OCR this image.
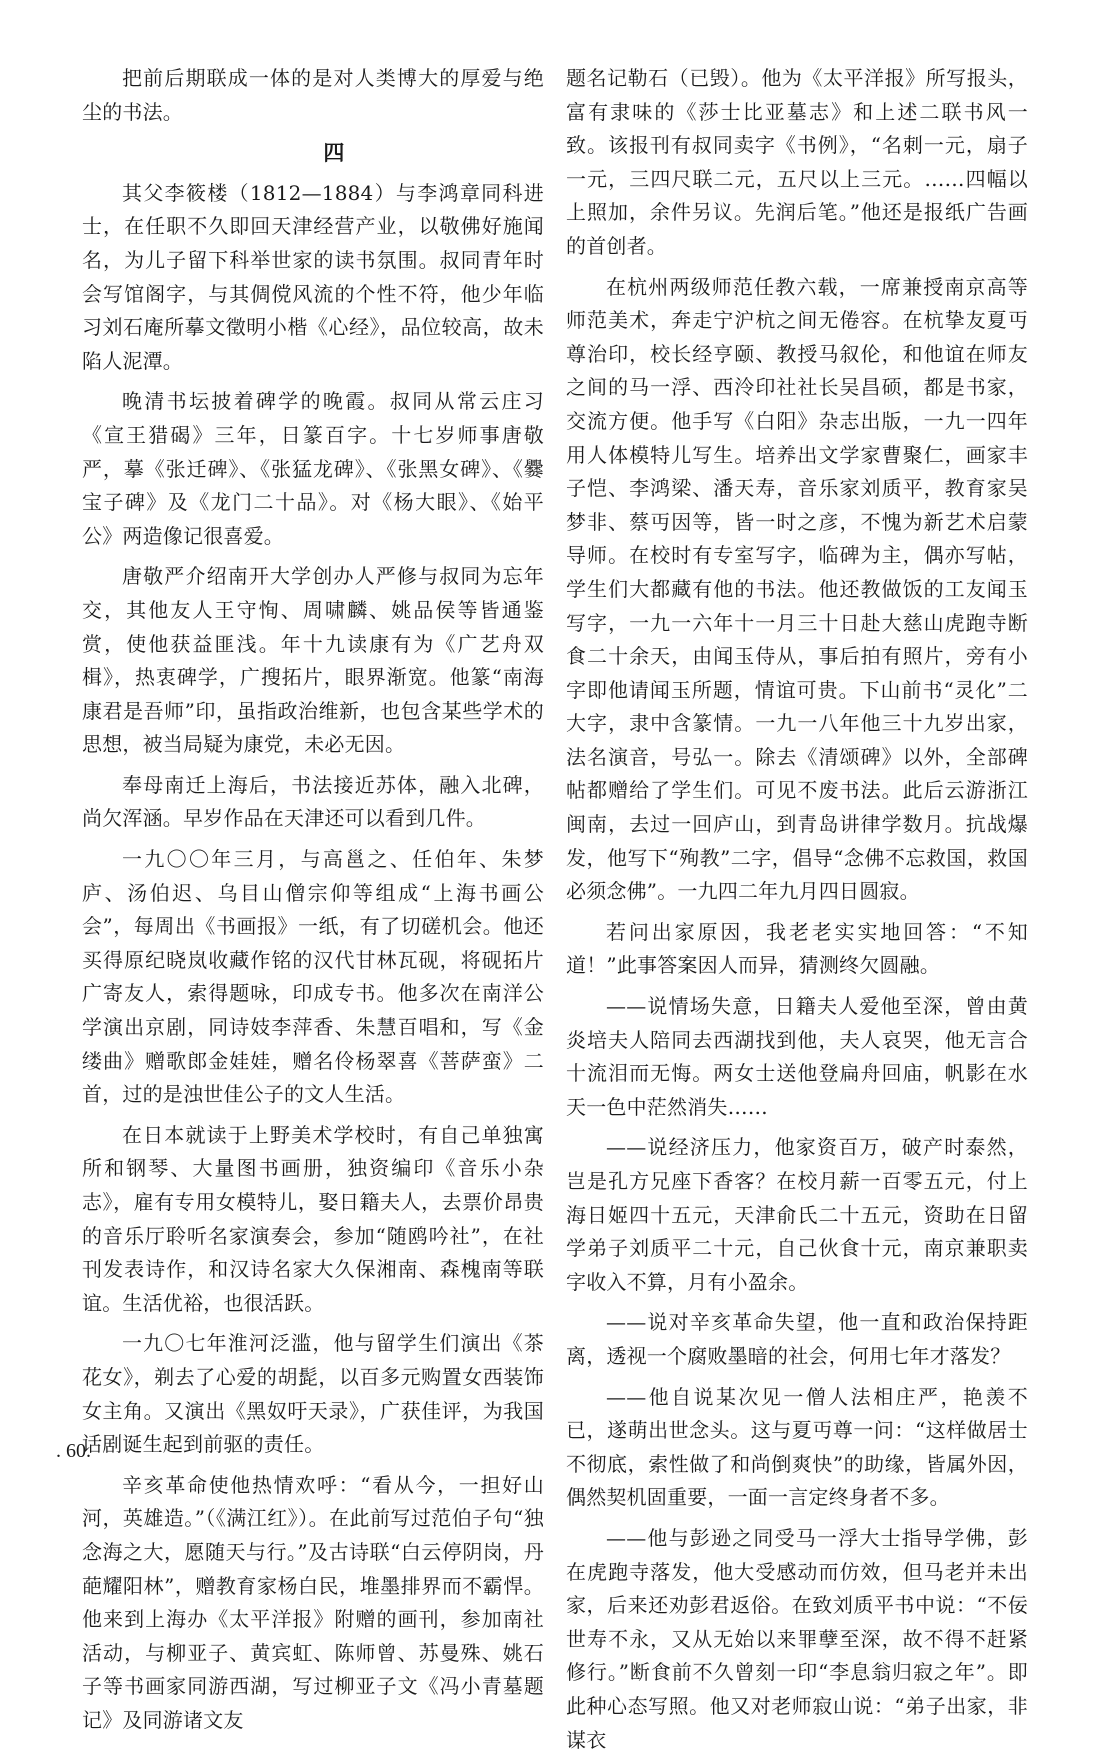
把前后期联成一体的是对人类博大的厚爱与绝尘的书法。

四

其父李筱楼（1812—1884）与李鸿章同科进士，在任职不久即回天津经营产业，以敬佛好施闻名，为儿子留下科举世家的读书氛围。叔同青年时会写馆阁字，与其倜傥风流的个性不符，他少年临习刘石庵所摹文徵明小楷《心经》，品位较高，故未陷人泥潭。

晚清书坛披着碑学的晚霞。叔同从常云庄习《宣王猎碣》三年，日篆百字。十七岁师事唐敬严，摹《张迁碑》、《张猛龙碑》、《张黑女碑》、《爨宝子碑》及《龙门二十品》。对《杨大眼》、《始平公》两造像记很喜爱。

唐敬严介绍南开大学创办人严修与叔同为忘年交，其他友人王守恂、周啸麟、姚品侯等皆通鉴赏，使他获益匪浅。年十九读康有为《广艺舟双楫》，热衷碑学，广搜拓片，眼界渐宽。他篆“南海康君是吾师”印，虽指政治维新，也包含某些学术的思想，被当局疑为康党，未必无因。

奉母南迁上海后，书法接近苏体，融入北碑，尚欠浑涵。早岁作品在天津还可以看到几件。

一九〇〇年三月，与高邕之、任伯年、朱梦庐、汤伯迟、乌目山僧宗仰等组成“上海书画公会”，每周出《书画报》一纸，有了切磋机会。他还买得原纪晓岚收藏作铭的汉代甘林瓦砚，将砚拓片广寄友人，索得题咏，印成专书。他多次在南洋公学演出京剧，同诗妓李萍香、朱慧百唱和，写《金缕曲》赠歌郎金娃娃，赠名伶杨翠喜《菩萨蛮》二首，过的是浊世佳公子的文人生活。

在日本就读于上野美术学校时，有自己单独寓所和钢琴、大量图书画册，独资编印《音乐小杂志》，雇有专用女模特儿，娶日籍夫人，去票价昂贵的音乐厅聆听名家演奏会，参加“随鸥吟社”，在社刊发表诗作，和汉诗名家大久保湘南、森槐南等联谊。生活优裕，也很活跃。

一九〇七年淮河泛滥，他与留学生们演出《茶花女》，剃去了心爱的胡髭，以百多元购置女西装饰女主角。又演出《黑奴吁天录》，广获佳评，为我国话剧诞生起到前驱的责任。

辛亥革命使他热情欢呼：“看从今，一担好山河，英雄造。”（《满江红》）。在此前写过范伯子句“独念海之大，愿随天与行。”及古诗联“白云停阴岗，丹葩耀阳林”，赠教育家杨白民，堆墨排界而不霸悍。他来到上海办《太平洋报》附赠的画刊，参加南社活动，与柳亚子、黄宾虹、陈师曾、苏曼殊、姚石子等书画家同游西湖，写过柳亚子文《冯小青墓题记》及同游诸文友

题名记勒石（已毁）。他为《太平洋报》所写报头，富有隶味的《莎士比亚墓志》和上述二联书风一致。该报刊有叔同卖字《书例》，“名刺一元，扇子一元，三四尺联二元，五尺以上三元。……四幅以上照加，余件另议。先润后笔。”他还是报纸广告画的首创者。

在杭州两级师范任教六载，一席兼授南京高等师范美术，奔走宁沪杭之间无倦容。在杭挚友夏丏尊治印，校长经亨颐、教授马叙伦，和他谊在师友之间的马一浮、西泠印社社长吴昌硕，都是书家，交流方便。他手写《白阳》杂志出版，一九一四年用人体模特儿写生。培养出文学家曹聚仁，画家丰子恺、李鸿梁、潘天寿，音乐家刘质平，教育家吴梦非、蔡丏因等，皆一时之彦，不愧为新艺术启蒙导师。在校时有专室写字，临碑为主，偶亦写帖，学生们大都藏有他的书法。他还教做饭的工友闻玉写字，一九一六年十一月三十日赴大慈山虎跑寺断食二十余天，由闻玉侍从，事后拍有照片，旁有小字即他请闻玉所题，情谊可贵。下山前书“灵化”二大字，隶中含篆情。一九一八年他三十九岁出家，法名演音，号弘一。除去《清颂碑》以外，全部碑帖都赠给了学生们。可见不废书法。此后云游浙江闽南，去过一回庐山，到青岛讲律学数月。抗战爆发，他写下“殉教”二字，倡导“念佛不忘救国，救国必须念佛”。一九四二年九月四日圆寂。

若问出家原因，我老老实实地回答：“不知道！”此事答案因人而异，猜测终欠圆融。

——说情场失意，日籍夫人爱他至深，曾由黄炎培夫人陪同去西湖找到他，夫人哀哭，他无言合十流泪而无悔。两女士送他登扁舟回庙，帆影在水天一色中茫然消失……

——说经济压力，他家资百万，破产时泰然，岂是孔方兄座下香客？在校月薪一百零五元，付上海日姬四十五元，天津俞氏二十五元，资助在日留学弟子刘质平二十元，自己伙食十元，南京兼职卖字收入不算，月有小盈余。

——说对辛亥革命失望，他一直和政治保持距离，透视一个腐败墨暗的社会，何用七年才落发？

——他自说某次见一僧人法相庄严，艳羡不已，遂萌出世念头。这与夏丏尊一问：“这样做居士不彻底，索性做了和尚倒爽快”的助缘，皆属外因，偶然契机固重要，一面一言定终身者不多。

——他与彭逊之同受马一浮大士指导学佛，彭在虎跑寺落发，他大受感动而仿效，但马老并未出家，后来还劝彭君返俗。在致刘质平书中说：“不佞世寿不永，又从无始以来罪孽至深，故不得不赶紧修行。”断食前不久曾刻一印“李息翁归寂之年”。即此种心态写照。他又对老师寂山说：“弟子出家，非谋衣

. 60.
